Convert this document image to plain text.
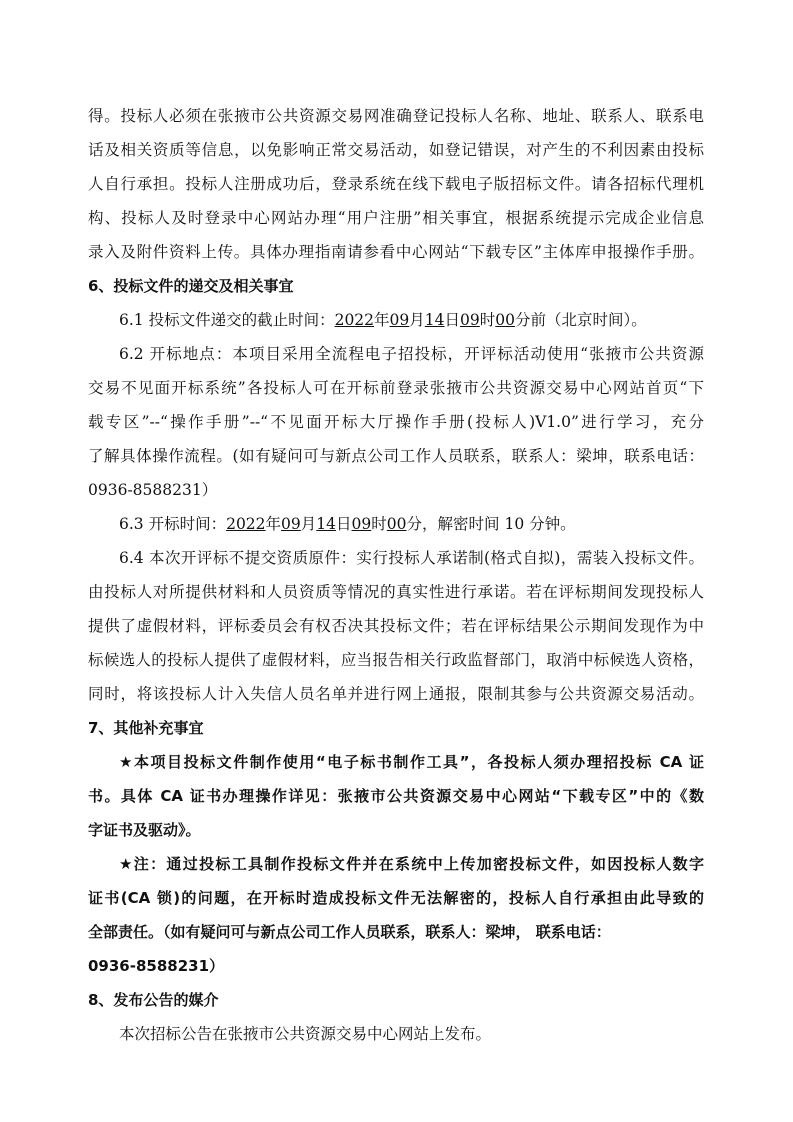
得。投标人必须在张掖市公共资源交易网准确登记投标人名称、地址、联系人、联系电
话及相关资质等信息，以免影响正常交易活动，如登记错误，对产生的不利因素由投标
人自行承担。投标人注册成功后，登录系统在线下载电子版招标文件。请各招标代理机
构、投标人及时登录中心网站办理“用户注册”相关事宜，根据系统提示完成企业信息
录入及附件资料上传。具体办理指南请参看中心网站“下载专区”主体库申报操作手册。
6、投标文件的递交及相关事宜
6.1 投标文件递交的截止时间：2022年09月14日09时00分前（北京时间）。
6.2 开标地点：本项目采用全流程电子招投标，开评标活动使用“张掖市公共资源
交易不见面开标系统”各投标人可在开标前登录张掖市公共资源交易中心网站首页“下
载专区”--“操作手册”--“不见面开标大厅操作手册(投标人)V1.0”进行学习，充分
了解具体操作流程。(如有疑问可与新点公司工作人员联系，联系人：梁坤，联系电话：
0936-8588231）
6.3 开标时间：2022年09月14日09时00分，解密时间 10 分钟。
6.4 本次开评标不提交资质原件：实行投标人承诺制(格式自拟)，需装入投标文件。
由投标人对所提供材料和人员资质等情况的真实性进行承诺。若在评标期间发现投标人
提供了虚假材料，评标委员会有权否决其投标文件；若在评标结果公示期间发现作为中
标候选人的投标人提供了虚假材料，应当报告相关行政监督部门，取消中标候选人资格，
同时，将该投标人计入失信人员名单并进行网上通报，限制其参与公共资源交易活动。
7、其他补充事宜
★本项目投标文件制作使用“电子标书制作工具”，各投标人须办理招投标 CA 证
书。具体 CA 证书办理操作详见：张掖市公共资源交易中心网站“下载专区”中的《数
字证书及驱动》。
★注：通过投标工具制作投标文件并在系统中上传加密投标文件，如因投标人数字
证书(CA 锁)的问题，在开标时造成投标文件无法解密的，投标人自行承担由此导致的
全部责任。（如有疑问可与新点公司工作人员联系，联系人：梁坤， 联系电话：
0936-8588231）
8、发布公告的媒介
本次招标公告在张掖市公共资源交易中心网站上发布。
